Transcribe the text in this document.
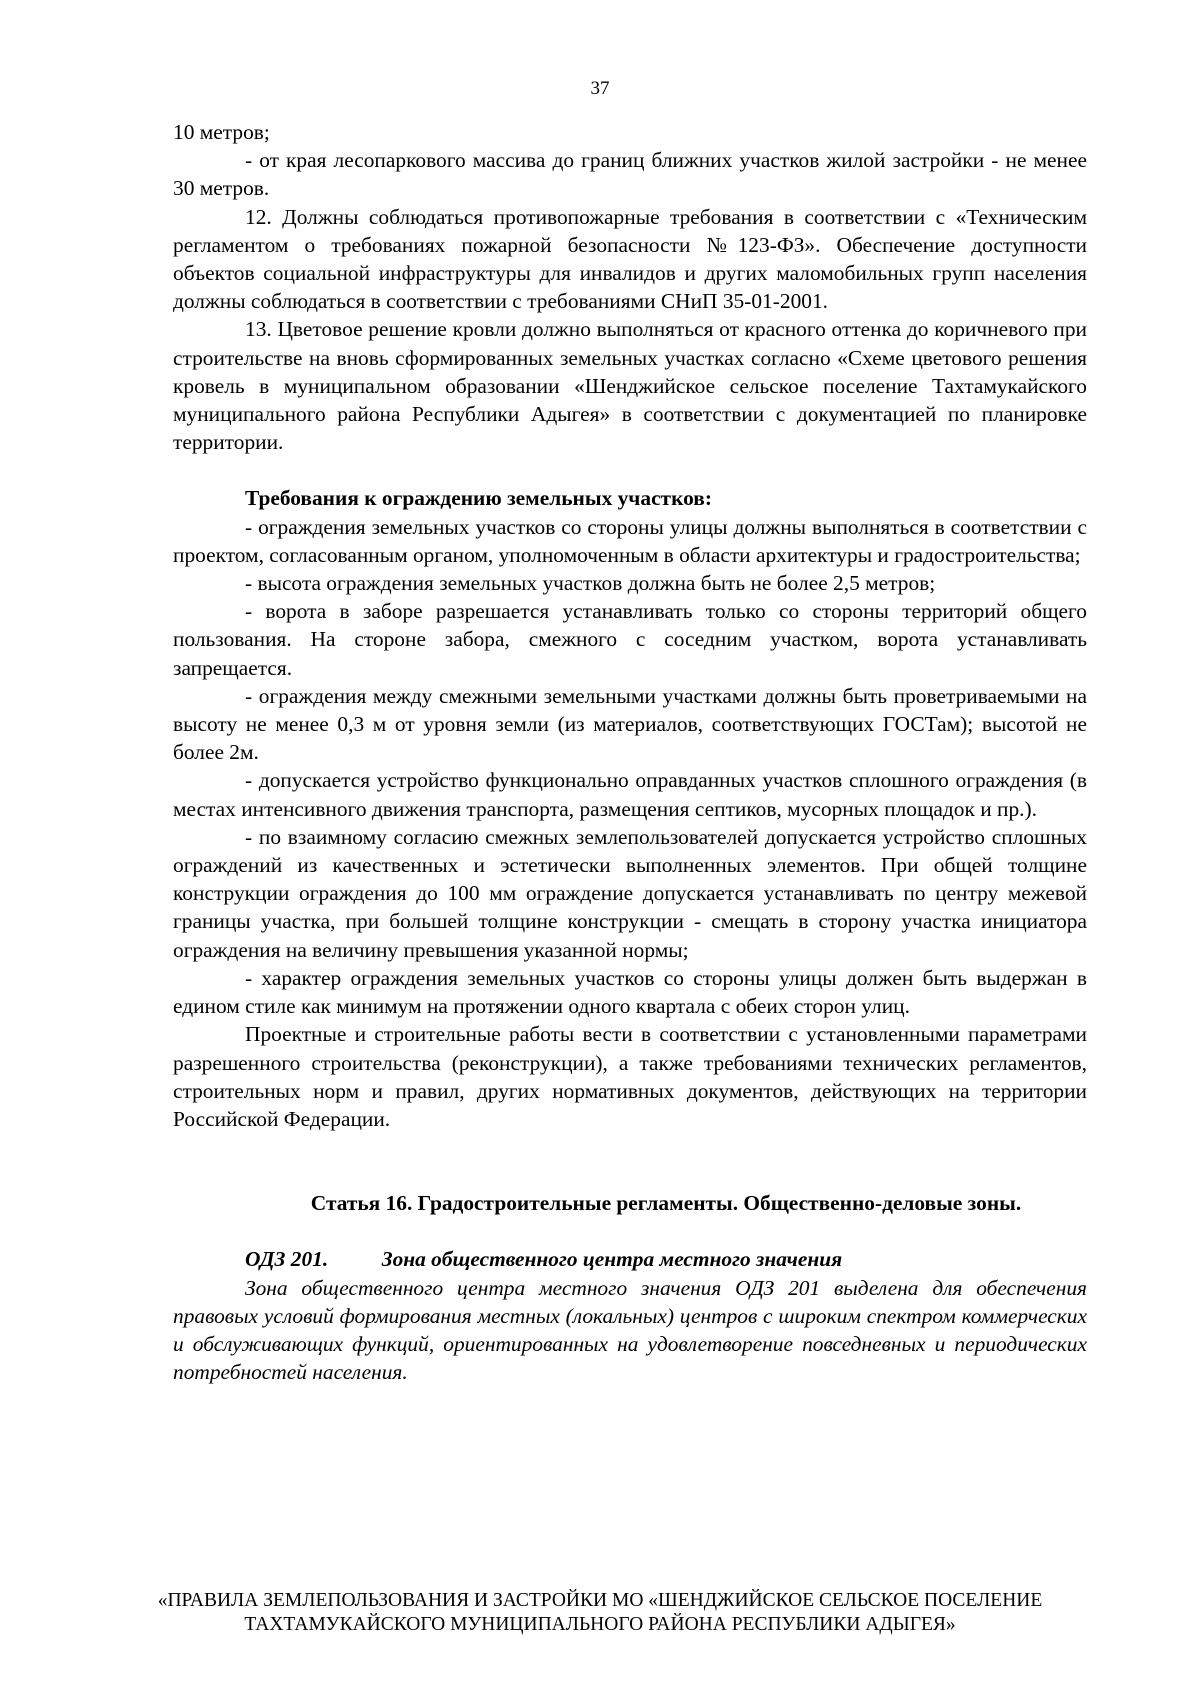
37

10 метров;

- от края лесопаркового массива до границ ближних участков жилой застройки - не менее 30 метров.

12. Должны соблюдаться противопожарные требования в соответствии с «Техническим регламентом о требованиях пожарной безопасности №123-ФЗ». Обеспечение доступности объектов социальной инфраструктуры для инвалидов и других маломобильных групп населения должны соблюдаться в соответствии с требованиями СНиП 35-01-2001.

13. Цветовое решение кровли должно выполняться от красного оттенка до коричневого при строительстве на вновь сформированных земельных участках согласно «Схеме цветового решения кровель в муниципальном образовании «Шенджийское сельское поселение Тахтамукайского муниципального района Республики Адыгея» в соответствии с документацией по планировке территории.

Требования к ограждению земельных участков:

- ограждения земельных участков со стороны улицы должны выполняться в соответствии с проектом, согласованным органом, уполномоченным в области архитектуры и градостроительства;

- высота ограждения земельных участков должна быть не более 2,5 метров;

- ворота в заборе разрешается устанавливать только со стороны территорий общего пользования. На стороне забора, смежного с соседним участком, ворота устанавливать запрещается.

- ограждения между смежными земельными участками должны быть проветриваемыми на высоту не менее 0,3 м от уровня земли (из материалов, соответствующих ГОСТам); высотой не более 2м.

- допускается устройство функционально оправданных участков сплошного ограждения (в местах интенсивного движения транспорта, размещения септиков, мусорных площадок и пр.).

- по взаимному согласию смежных землепользователей допускается устройство сплошных ограждений из качественных и эстетически выполненных элементов. При общей толщине конструкции ограждения до 100 мм ограждение допускается устанавливать по центру межевой границы участка, при большей толщине конструкции - смещать в сторону участка инициатора ограждения на величину превышения указанной нормы;

- характер ограждения земельных участков со стороны улицы должен быть выдержан в едином стиле как минимум на протяжении одного квартала с обеих сторон улиц.

Проектные и строительные работы вести в соответствии с установленными параметрами разрешенного строительства (реконструкции), а также требованиями технических регламентов, строительных норм и правил, других нормативных документов, действующих на территории Российской Федерации.

Статья 16. Градостроительные регламенты. Общественно-деловые зоны.

ОДЗ 201. Зона общественного центра местного значения

Зона общественного центра местного значения ОДЗ 201 выделена для обеспечения правовых условий формирования местных (локальных) центров с широким спектром коммерческих и обслуживающих функций, ориентированных на удовлетворение повседневных и периодических потребностей населения.

«ПРАВИЛА ЗЕМЛЕПОЛЬЗОВАНИЯ И ЗАСТРОЙКИ МО «ШЕНДЖИЙСКОЕ СЕЛЬСКОЕ ПОСЕЛЕНИЕ
ТАХТАМУКАЙСКОГО МУНИЦИПАЛЬНОГО РАЙОНА РЕСПУБЛИКИ АДЫГЕЯ»
